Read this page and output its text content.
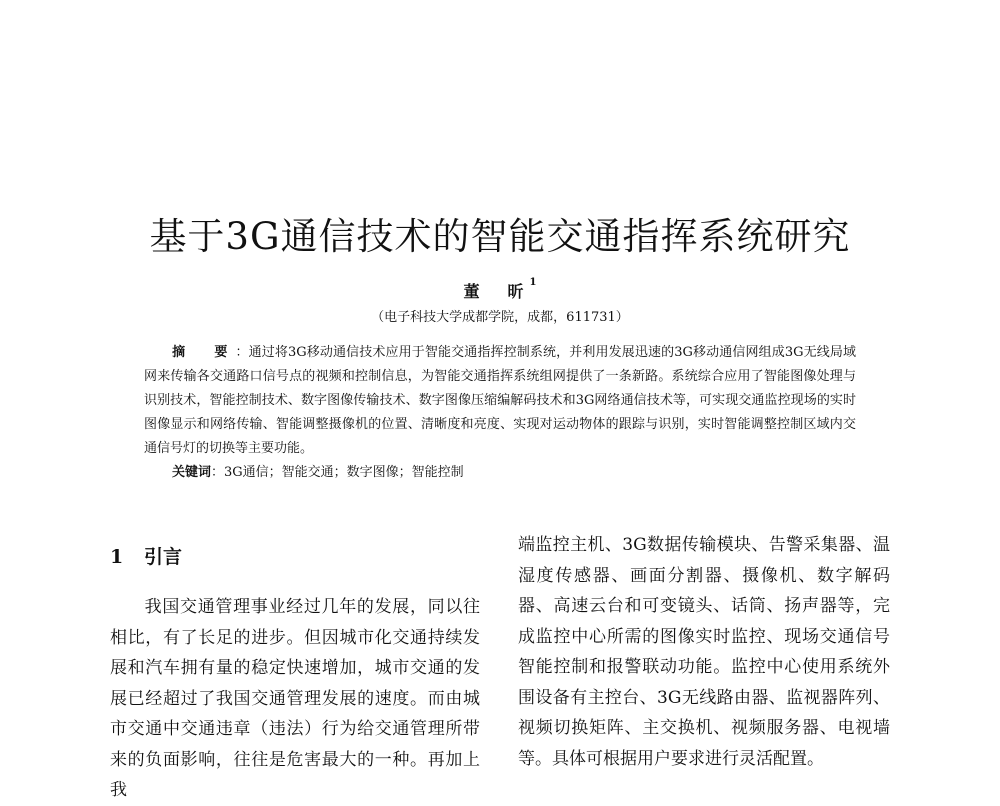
基于3G通信技术的智能交通指挥系统研究
董　昕$^1$
（电子科技大学成都学院，成都，611731）
摘　要：通过将3G移动通信技术应用于智能交通指挥控制系统，并利用发展迅速的3G移动通信网组成3G无线局域网来传输各交通路口信号点的视频和控制信息，为智能交通指挥系统组网提供了一条新路。系统综合应用了智能图像处理与识别技术，智能控制技术、数字图像传输技术、数字图像压缩编解码技术和3G网络通信技术等，可实现交通监控现场的实时图像显示和网络传输、智能调整摄像机的位置、清晰度和亮度、实现对运动物体的跟踪与识别，实时智能调整控制区域内交通信号灯的切换等主要功能。
关键词：3G通信；智能交通；数字图像；智能控制
1 引言
我国交通管理事业经过几年的发展，同以往相比，有了长足的进步。但因城市化交通持续发展和汽车拥有量的稳定快速增加，城市交通的发展已经超过了我国交通管理发展的速度。而由城市交通中交通违章（违法）行为给交通管理所带来的负面影响，往往是危害最大的一种。再加上我
端监控主机、3G数据传输模块、告警采集器、温湿度传感器、画面分割器、摄像机、数字解码器、高速云台和可变镜头、话筒、扬声器等，完成监控中心所需的图像实时监控、现场交通信号智能控制和报警联动功能。监控中心使用系统外围设备有主控台、3G无线路由器、监视器阵列、视频切换矩阵、主交换机、视频服务器、电视墙等。具体可根据用户要求进行灵活配置。
